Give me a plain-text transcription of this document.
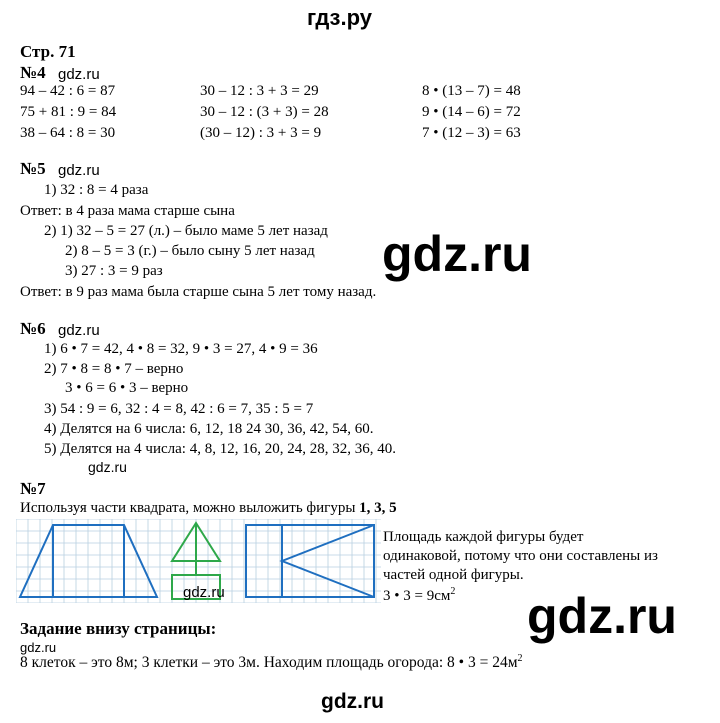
гдз.ру
Стр. 71
№4 gdz.ru
94 – 42 : 6 = 87
75 + 81 : 9 = 84
38 – 64 : 8 = 30
30 – 12 : 3 + 3 = 29
30 – 12 : (3 + 3) = 28
(30 – 12) : 3 + 3 = 9
8 • (13 – 7) = 48
9 • (14 – 6) = 72
7 • (12 – 3) = 63
№5 gdz.ru
1) 32 : 8 = 4 раза
Ответ: в 4 раза мама старше сына
2) 1) 32 – 5 = 27 (л.) – было маме 5 лет назад
2) 8 – 5 = 3 (г.) – было сыну 5 лет назад
3) 27 : 3 = 9 раз
Ответ: в 9 раз мама была старше сына 5 лет тому назад.
gdz.ru
№6 gdz.ru
1) 6 • 7 = 42, 4 • 8 = 32, 9 • 3 = 27, 4 • 9 = 36
2) 7 • 8 = 8 • 7 – верно
3 • 6 = 6 • 3 – верно
3) 54 : 9 = 6, 32 : 4 = 8, 42 : 6 = 7, 35 : 5 = 7
4) Делятся на 6 числа: 6, 12, 18 24 30, 36, 42, 54, 60.
5) Делятся на 4 числа: 4, 8, 12, 16, 20, 24, 28, 32, 36, 40.
gdz.ru
№7
Используя части квадрата, можно выложить фигуры 1, 3, 5
Площадь каждой фигуры будет
одинаковой, потому что они составлены из
частей одной фигуры.
3 • $3 = 9см^2$
gdz.ru	gdz.ru
Задание внизу страницы:
gdz.ru
8 клеток – это 8м; 3 клетки – это 3м. Находим площадь огорода: 8 • $3 = 24м^2$
gdz.ru
